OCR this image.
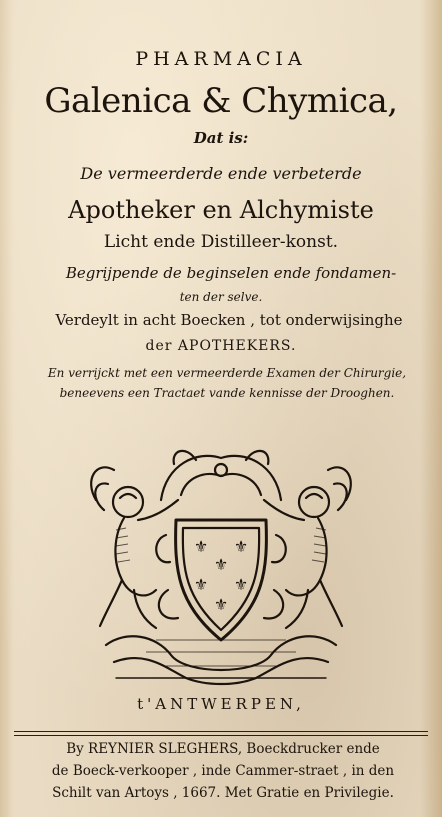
PHARMACIA
Galenica & Chymica,
Dat is:
De vermeerderde ende verbeterde
Apotheker en Alchymiste
Licht ende Distilleer-konst.
Begrijpende de beginselen ende fondamen-
ten der selve.
Verdeylt in acht Boecken , tot onderwijsinghe
der APOTHEKERS.
En verrijckt met een vermeerderde Examen der Chirurgie,
beneevens een Tractaet vande kennisse der Drooghen.
⚜ ⚜
⚜
⚜ ⚜
⚜
t'ANTWERPEN,
By REYNIER SLEGHERS, Boeckdrucker ende
de Boeck-verkooper , inde Cammer-straet , in den
Schilt van Artoys , 1667. Met Gratie en Privilegie.
